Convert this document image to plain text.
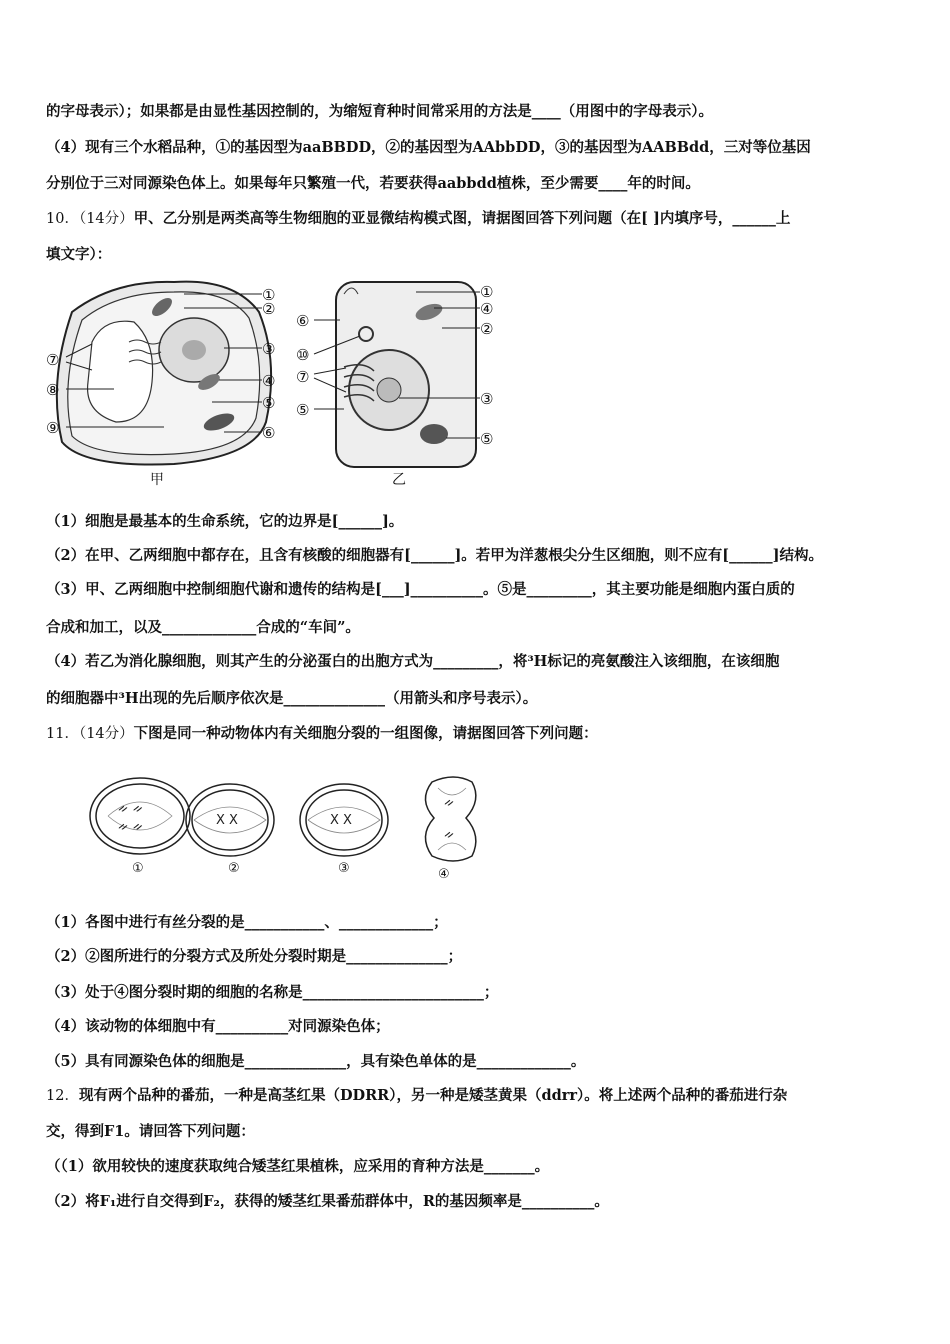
的字母表示）；如果都是由显性基因控制的，为缩短育种时间常采用的方法是____（用图中的字母表示）。
（4）现有三个水稻品种，①的基因型为aaBBDD，②的基因型为AAbbDD，③的基因型为AABBdd，三对等位基因
分别位于三对同源染色体上。如果每年只繁殖一代，若要获得aabbdd植株，至少需要____年的时间。
10．（14分）甲、乙分别是两类高等生物细胞的亚显微结构模式图，请据图回答下列问题（在[ ]内填序号，______上
填文字）：
①
②
③
④
⑤
⑥
⑦
⑧
⑨
甲
①
④
②
⑥
⑩
⑦
③
⑤
⑤
乙
（1）细胞是最基本的生命系统，它的边界是[______]。
（2）在甲、乙两细胞中都存在，且含有核酸的细胞器有[______]。若甲为洋葱根尖分生区细胞，则不应有[______]结构。
（3）甲、乙两细胞中控制细胞代谢和遗传的结构是[___]__________。⑤是_________，其主要功能是细胞内蛋白质的
合成和加工，以及_____________合成的“车间”。
（4）若乙为消化腺细胞，则其产生的分泌蛋白的出胞方式为_________，将³H标记的亮氨酸注入该细胞，在该细胞
的细胞器中³H出现的先后顺序依次是______________（用箭头和序号表示）。
11．（14分）下图是同一种动物体内有关细胞分裂的一组图像，请据图回答下列问题：
ᨀ ᨀ
ᨀ ᨀ	X X	X X
ᨀ
ᨀ
①	②	③	④
（1）各图中进行有丝分裂的是___________、_____________；
（2）②图所进行的分裂方式及所处分裂时期是______________；
（3）处于④图分裂时期的细胞的名称是_________________________；
（4）该动物的体细胞中有__________对同源染色体；
（5）具有同源染色体的细胞是______________，具有染色单体的是_____________。
12．现有两个品种的番茄，一种是高茎红果（DDRR），另一种是矮茎黄果（ddrr）。将上述两个品种的番茄进行杂
交，得到F1。请回答下列问题：
（（1）欲用较快的速度获取纯合矮茎红果植株，应采用的育种方法是_______。
（2）将F₁进行自交得到F₂，获得的矮茎红果番茄群体中，R的基因频率是__________。
